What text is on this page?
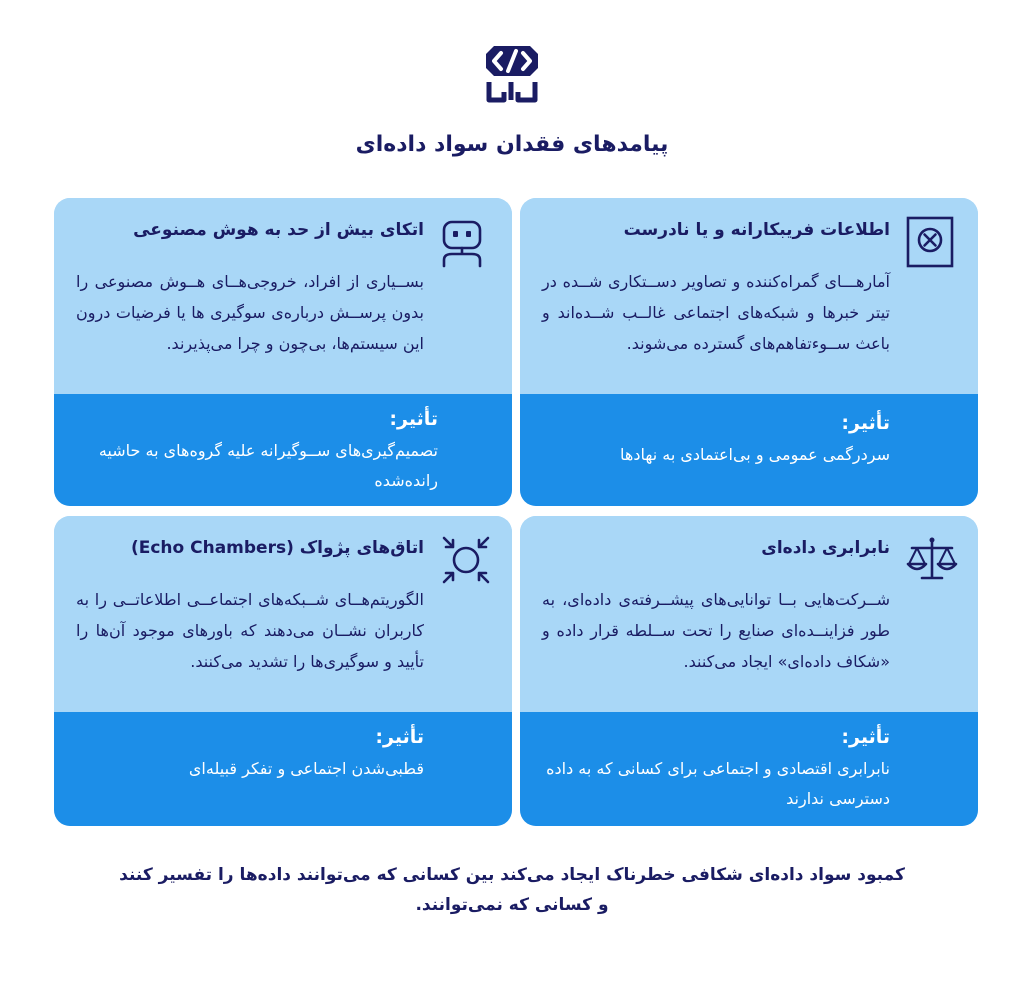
پیامدهای فقدان سواد داده‌ای
اطلاعات فریبکارانه و یا نادرست
آمارهـــای گمراه‌کننده و تصاویر دســتکاری شــده در تیتر خبرها و شبکه‌های اجتماعی غالــب شــده‌اند و باعث ســوءتفاهم‌های گسترده می‌شوند.
تأثیر:
سردرگمی عمومی و بی‌اعتمادی به نهادها
اتکای بیش از حد به هوش مصنوعی
بســیاری از افراد، خروجی‌هــای هــوش مصنوعی را بدون پرســش درباره‌ی سوگیری ها یا فرضیات درون این سیستم‌ها، بی‌چون و چرا می‌پذیرند.
تأثیر:
تصمیم‌گیری‌های ســوگیرانه علیه گروه‌های به حاشیه رانده‌شده
نابرابری داده‌ای
شــرکت‌هایی بــا توانایی‌های پیشــرفته‌ی داده‌ای، به طور فزاینــده‌ای صنایع را تحت ســلطه قرار داده و «شکاف داده‌ای» ایجاد می‌کنند.
تأثیر:
نابرابری اقتصادی و اجتماعی برای کسانی که به داده دسترسی ندارند
اتاق‌های پژواک (Echo Chambers)
الگوریتم‌هــای شــبکه‌های اجتماعــی اطلاعاتــی را به کاربران نشــان می‌دهند که باورهای موجود آن‌ها را تأیید و سوگیری‌ها را تشدید می‌کنند.
تأثیر:
قطبی‌شدن اجتماعی و تفکر قبیله‌ای
کمبود سواد داده‌ای شکافی خطرناک ایجاد می‌کند بین کسانی که می‌توانند داده‌ها را تفسیر کنند و کسانی که نمی‌توانند.
